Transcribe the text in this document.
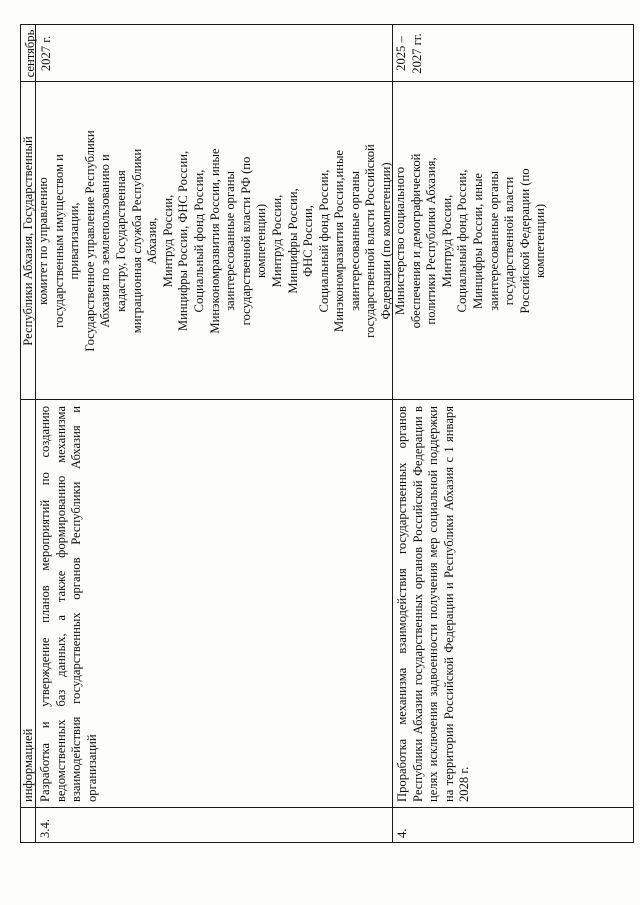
информацией
Республики Абхазия, Государственный
3.4.
Разработка и утверждение планов мероприятий по созданию ведомственных баз данных, а также формированию механизма взаимодействия государственных органов Республики Абхазия и организаций
комитет по управлению государственным имуществом и приватизации, Государственное управление Республики Абхазия по землепользованию и кадастру, Государственная миграционная служба Республики Абхазия, Минтруд России, Минцифры России, ФНС России, Социальный фонд России, Минэкономразвития России, иные заинтересованные органы государственной власти РФ (по компетенции) Минтруд России, Минцифры России, ФНС России, Социальный фонд России, Минэкономразвития России,иные заинтересованные органы государственной власти Российской Федерации (по компетенции)
сентябрь 2027 г.
4.
Проработка механизма взаимодействия государственных органов Республики Абхазии государственных органов Российской Федерации в целях исключения задвоенности получения мер социальной поддержки на территории Российской Федерации и Республики Абхазия с 1 января 2028 г.
Министерство социального обеспечения и демографической политики Республики Абхазия, Минтруд России, Социальный фонд России, Минцифры России, иные заинтересованные органы государственной власти Российской Федерации (по компетенции)
2025 – 2027 гг.
